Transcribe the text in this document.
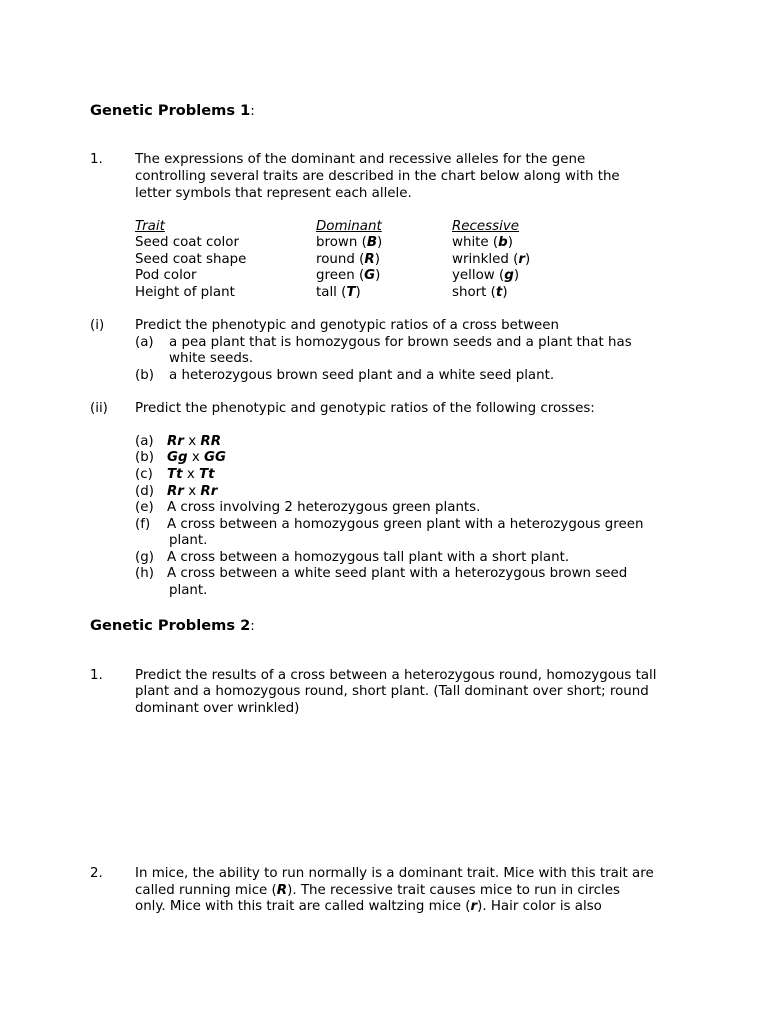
Genetic Problems 1:
1. The expressions of the dominant and recessive alleles for the gene
controlling several traits are described in the chart below along with the
letter symbols that represent each allele.
Trait	Dominant	Recessive
Seed coat color	brown (B)	white (b)
Seed coat shape	round (R)	wrinkled (r)
Pod color	green (G)	yellow (g)
Height of plant	tall (T)	short (t)
(i) Predict the phenotypic and genotypic ratios of a cross between
(a) a pea plant that is homozygous for brown seeds and a plant that has
white seeds.
(b) a heterozygous brown seed plant and a white seed plant.
(ii) Predict the phenotypic and genotypic ratios of the following crosses:
(a) Rr x RR
(b) Gg x GG
(c) Tt x Tt
(d) Rr x Rr
(e) A cross involving 2 heterozygous green plants.
(f) A cross between a homozygous green plant with a heterozygous green
plant.
(g) A cross between a homozygous tall plant with a short plant.
(h) A cross between a white seed plant with a heterozygous brown seed
plant.
Genetic Problems 2:
1. Predict the results of a cross between a heterozygous round, homozygous tall
plant and a homozygous round, short plant. (Tall dominant over short; round
dominant over wrinkled)
2. In mice, the ability to run normally is a dominant trait. Mice with this trait are
called running mice (R). The recessive trait causes mice to run in circles
only. Mice with this trait are called waltzing mice (r). Hair color is also
